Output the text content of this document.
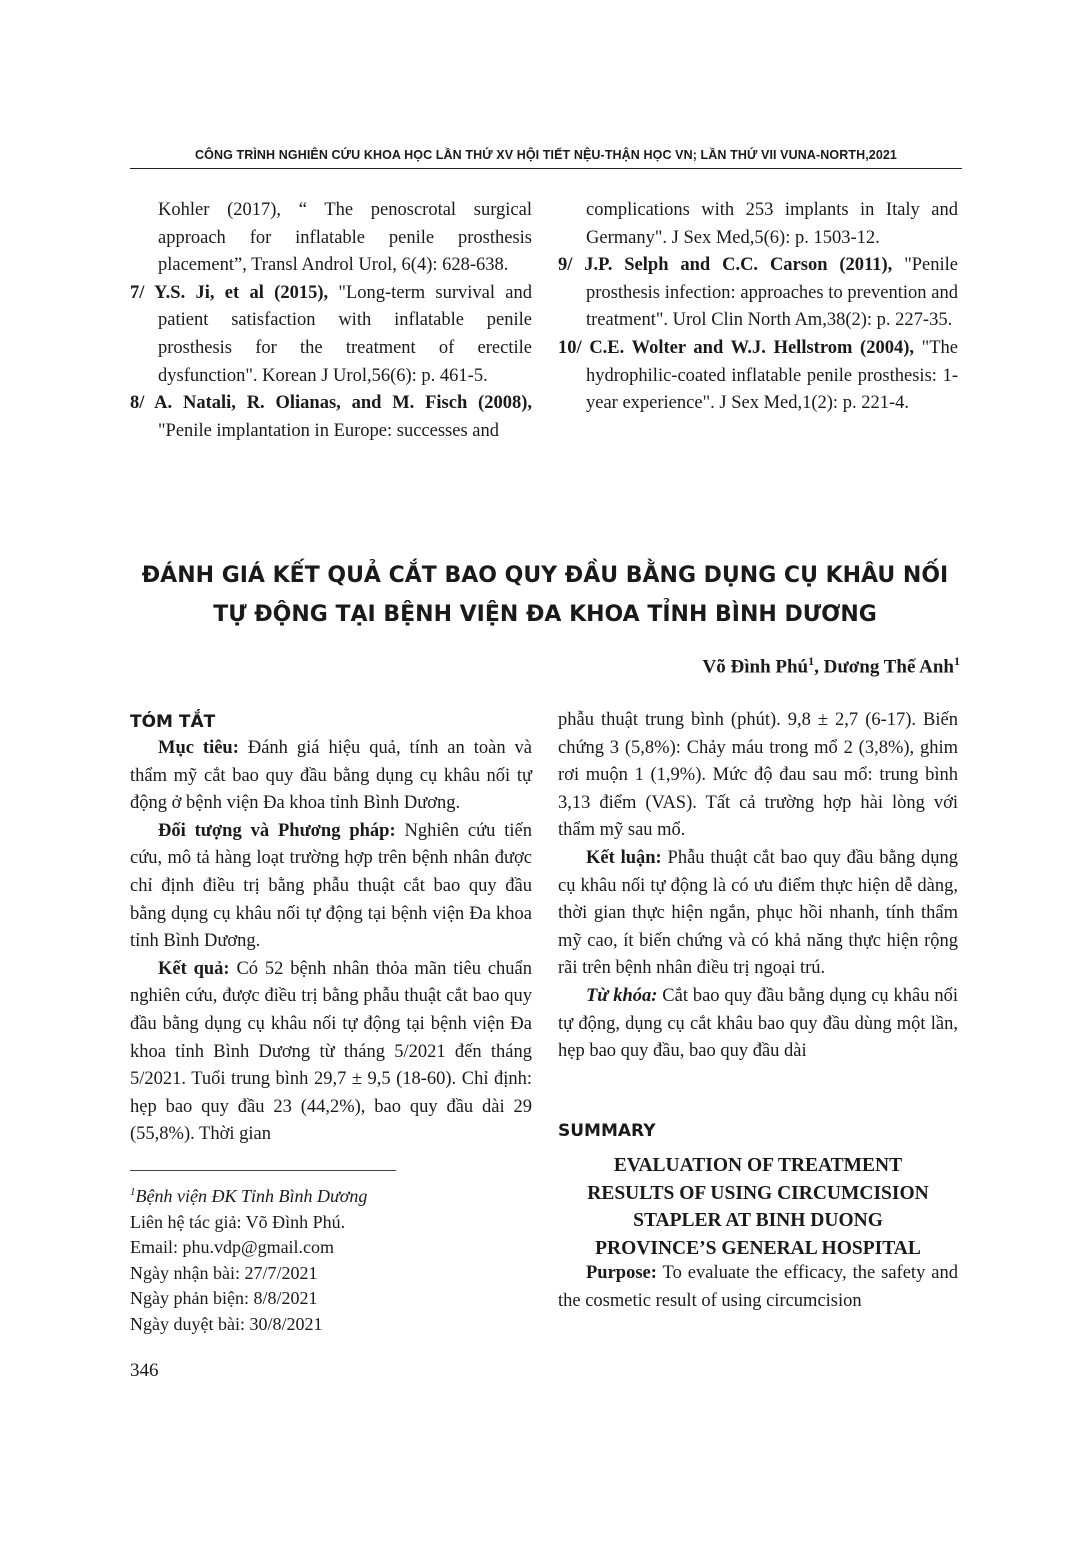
CÔNG TRÌNH NGHIÊN CỨU KHOA HỌC LẦN THỨ XV HỘI TIẾT NỆU-THẬN HỌC VN; LẦN THỨ VII VUNA-NORTH,2021

Kohler (2017), “ The penoscrotal surgical approach for inflatable penile prosthesis placement”, Transl Androl Urol, 6(4): 628-638.

7/ Y.S. Ji, et al (2015), "Long-term survival and patient satisfaction with inflatable penile prosthesis for the treatment of erectile dysfunction". Korean J Urol,56(6): p. 461-5.

8/ A. Natali, R. Olianas, and M. Fisch (2008), "Penile implantation in Europe: successes and

complications with 253 implants in Italy and Germany". J Sex Med,5(6): p. 1503-12.

9/ J.P. Selph and C.C. Carson (2011), "Penile prosthesis infection: approaches to prevention and treatment". Urol Clin North Am,38(2): p. 227-35.

10/ C.E. Wolter and W.J. Hellstrom (2004), "The hydrophilic-coated inflatable penile prosthesis: 1-year experience". J Sex Med,1(2): p. 221-4.

ĐÁNH GIÁ KẾT QUẢ CẮT BAO QUY ĐẦU BẰNG DỤNG CỤ KHÂU NỐI
TỰ ĐỘNG TẠI BỆNH VIỆN ĐA KHOA TỈNH BÌNH DƯƠNG
Võ Đình Phú$^1$, Dương Thế Anh$^1$
TÓM TẮT

Mục tiêu: Đánh giá hiệu quả, tính an toàn và thẩm mỹ cắt bao quy đầu bằng dụng cụ khâu nối tự động ở bệnh viện Đa khoa tỉnh Bình Dương.

Đối tượng và Phương pháp: Nghiên cứu tiến cứu, mô tả hàng loạt trường hợp trên bệnh nhân được chỉ định điều trị bằng phẫu thuật cắt bao quy đầu bằng dụng cụ khâu nối tự động tại bệnh viện Đa khoa tỉnh Bình Dương.

Kết quả: Có 52 bệnh nhân thỏa mãn tiêu chuẩn nghiên cứu, được điều trị bằng phẫu thuật cắt bao quy đầu bằng dụng cụ khâu nối tự động tại bệnh viện Đa khoa tỉnh Bình Dương từ tháng 5/2021 đến tháng 5/2021. Tuổi trung bình 29,7 ± 9,5 (18-60). Chỉ định: hẹp bao quy đầu 23 (44,2%), bao quy đầu dài 29 (55,8%). Thời gian

phẫu thuật trung bình (phút). 9,8 ± 2,7 (6-17). Biến chứng 3 (5,8%): Chảy máu trong mổ 2 (3,8%), ghim rơi muộn 1 (1,9%). Mức độ đau sau mổ: trung bình 3,13 điểm (VAS). Tất cả trường hợp hài lòng với thẩm mỹ sau mổ.

Kết luận: Phẫu thuật cắt bao quy đầu bằng dụng cụ khâu nối tự động là có ưu điểm thực hiện dễ dàng, thời gian thực hiện ngắn, phục hồi nhanh, tính thẩm mỹ cao, ít biến chứng và có khả năng thực hiện rộng rãi trên bệnh nhân điều trị ngoại trú.

Từ khóa: Cắt bao quy đầu bằng dụng cụ khâu nối tự động, dụng cụ cắt khâu bao quy đầu dùng một lần, hẹp bao quy đầu, bao quy đầu dài

SUMMARY
EVALUATION OF TREATMENT
RESULTS OF USING CIRCUMCISION
STAPLER AT BINH DUONG
PROVINCE’S GENERAL HOSPITAL

Purpose: To evaluate the efficacy, the safety and the cosmetic result of using circumcision

$^1$Bệnh viện ĐK Tỉnh Bình Dương
Liên hệ tác giả: Võ Đình Phú.
Email: phu.vdp@gmail.com
Ngày nhận bài: 27/7/2021
Ngày phản biện: 8/8/2021
Ngày duyệt bài: 30/8/2021
346
